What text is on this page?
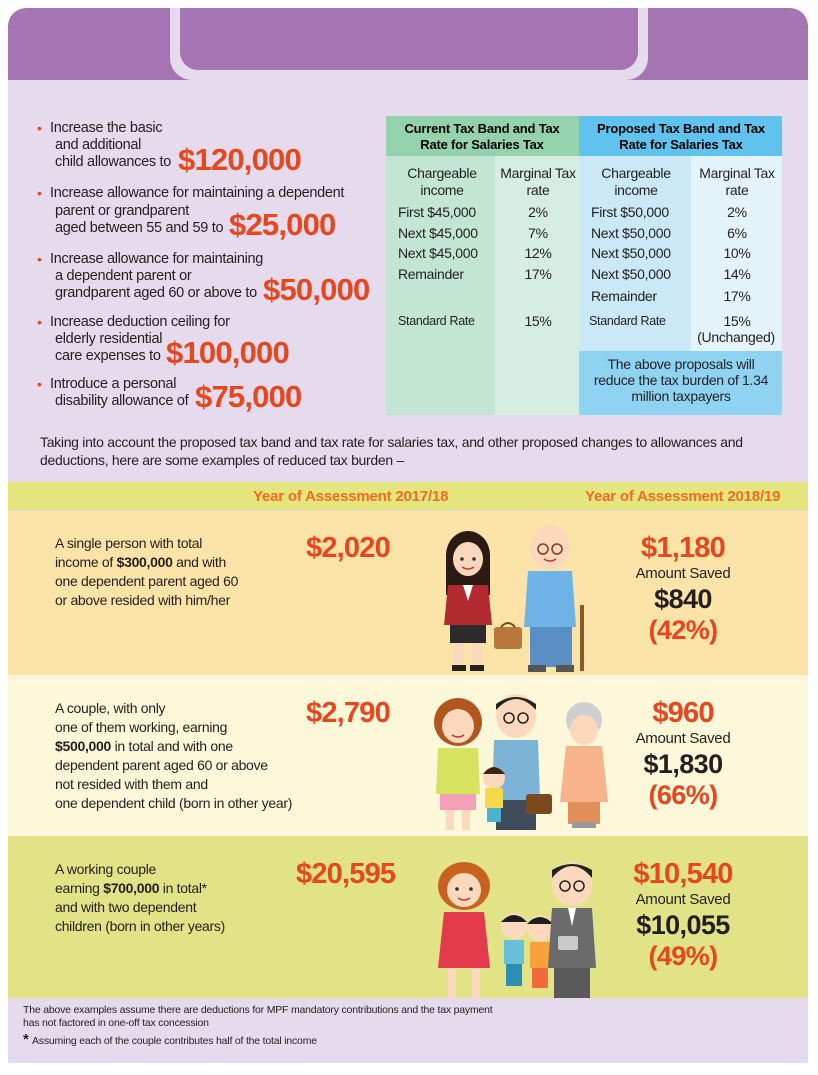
• Increase the basic
and additional
child allowances to $120,000
• Increase allowance for maintaining a dependent
parent or grandparent
aged between 55 and 59 to $25,000
• Increase allowance for maintaining
a dependent parent or
grandparent aged 60 or above to $50,000
• Increase deduction ceiling for
elderly residential
care expenses to $100,000
• Introduce a personal
disability allowance of $75,000
Current Tax Band and Tax Rate for Salaries Tax
Proposed Tax Band and Tax Rate for Salaries Tax
Chargeable income
Marginal Tax rate
Chargeable income
Marginal Tax rate
First $45,000	2%
Next $45,000	7%
Next $45,000	12%
Remainder	17%
Standard Rate	15%
First $50,000	2%
Next $50,000	6%
Next $50,000	10%
Next $50,000	14%
Remainder	17%
Standard Rate	15%
(Unchanged)
The above proposals will reduce the tax burden of 1.34 million taxpayers
Taking into account the proposed tax band and tax rate for salaries tax, and other proposed changes to allowances and
deductions, here are some examples of reduced tax burden –
Year of Assessment 2017/18	Year of Assessment 2018/19
A single person with total
income of $300,000 and with
one dependent parent aged 60
or above resided with him/her
$2,020	$1,180
Amount Saved
$840
(42%)
A couple, with only
one of them working, earning
$500,000 in total and with one
dependent parent aged 60 or above
not resided with them and
one dependent child (born in other year)
$2,790	$960
Amount Saved
$1,830
(66%)
A working couple
earning $700,000 in total*
and with two dependent
children (born in other years)
$20,595	$10,540
Amount Saved
$10,055
(49%)
The above examples assume there are deductions for MPF mandatory contributions and the tax payment
has not factored in one-off tax concession
* Assuming each of the couple contributes half of the total income
